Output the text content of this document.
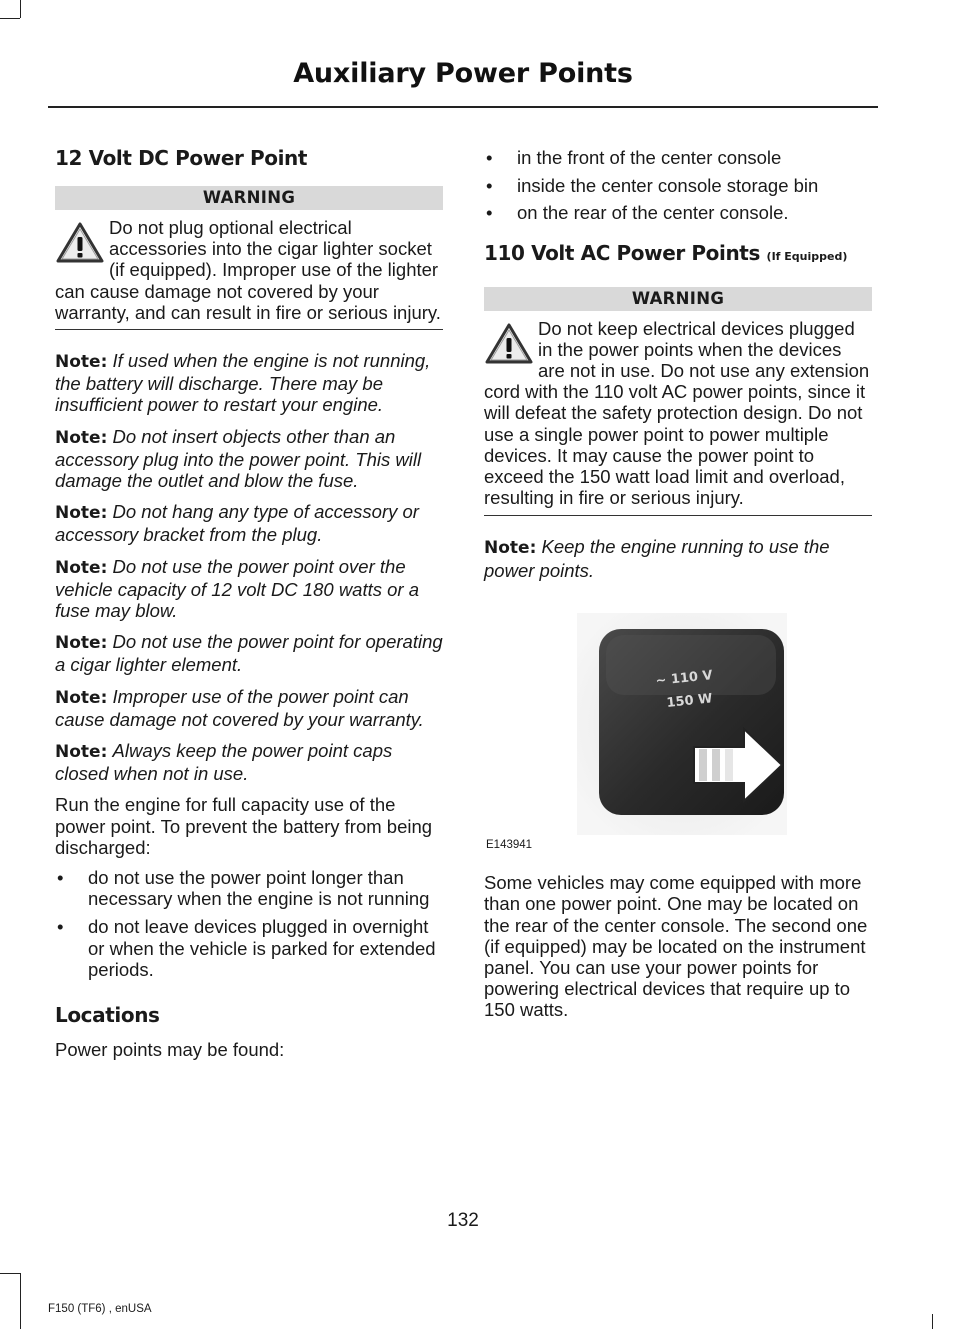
Auxiliary Power Points
12 Volt DC Power Point
WARNING

Do not plug optional electrical accessories into the cigar lighter socket (if equipped). Improper use of the lighter can cause damage not covered by your warranty, and can result in fire or serious injury.

Note: If used when the engine is not running, the battery will discharge. There may be insufficient power to restart your engine.

Note: Do not insert objects other than an accessory plug into the power point. This will damage the outlet and blow the fuse.

Note: Do not hang any type of accessory or accessory bracket from the plug.

Note: Do not use the power point over the vehicle capacity of 12 volt DC 180 watts or a fuse may blow.

Note: Do not use the power point for operating a cigar lighter element.

Note: Improper use of the power point can cause damage not covered by your warranty.

Note: Always keep the power point caps closed when not in use.

Run the engine for full capacity use of the power point. To prevent the battery from being discharged:

• do not use the power point longer than necessary when the engine is not running
• do not leave devices plugged in overnight or when the vehicle is parked for extended periods.
Locations

Power points may be found:

• in the front of the center console
• inside the center console storage bin
• on the rear of the center console.
110 Volt AC Power Points (If Equipped)
WARNING

Do not keep electrical devices plugged in the power points when the devices are not in use. Do not use any extension cord with the 110 volt AC power points, since it will defeat the safety protection design. Do not use a single power point to power multiple devices. It may cause the power point to exceed the 150 watt load limit and overload, resulting in fire or serious injury.

Note: Keep the engine running to use the power points.

~ 110 V
150 W
E143941

Some vehicles may come equipped with more than one power point. One may be located on the rear of the center console. The second one (if equipped) may be located on the instrument panel. You can use your power points for powering electrical devices that require up to 150 watts.

132
F150 (TF6) , enUSA
